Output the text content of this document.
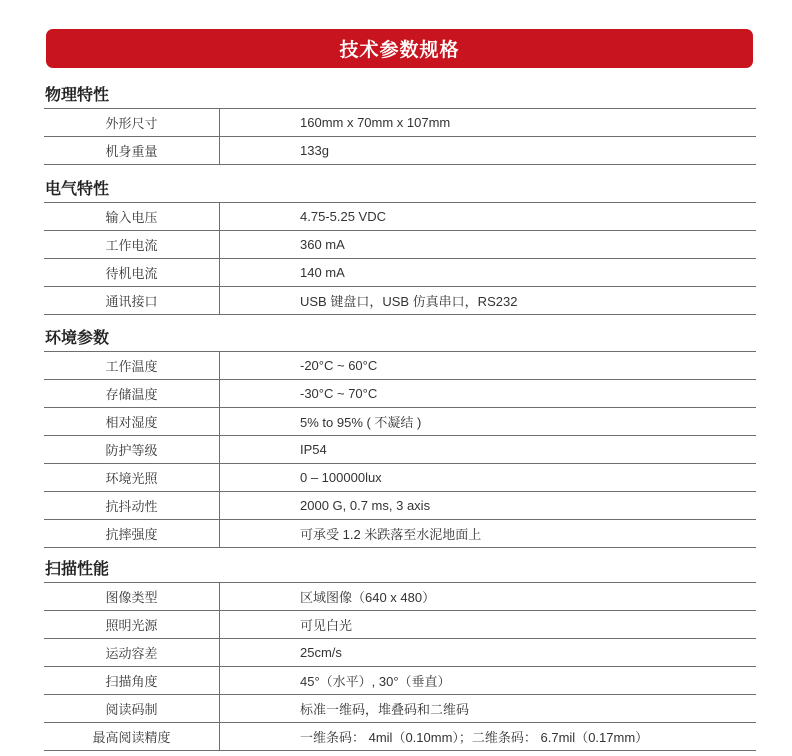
技术参数规格
物理特性
外形尺寸	160mm x 70mm x 107mm
机身重量	133g
电气特性
输入电压	4.75-5.25 VDC
工作电流	360 mA
待机电流	140 mA
通讯接口	USB 键盘口，USB 仿真串口，RS232
环境参数
工作温度	-20°C ~ 60°C
存储温度	-30°C ~ 70°C
相对湿度	5% to 95% ( 不凝结 )
防护等级	IP54
环境光照	0 – 100000lux
抗抖动性	2000 G, 0.7 ms, 3 axis
抗摔强度	可承受 1.2 米跌落至水泥地面上
扫描性能
图像类型	区域图像（640 x 480）
照明光源	可见白光
运动容差	25cm/s
扫描角度	45°（水平）, 30°（垂直）
阅读码制	标准一维码，堆叠码和二维码
最高阅读精度	一维条码： 4mil（0.10mm）；二维条码： 6.7mil（0.17mm）
